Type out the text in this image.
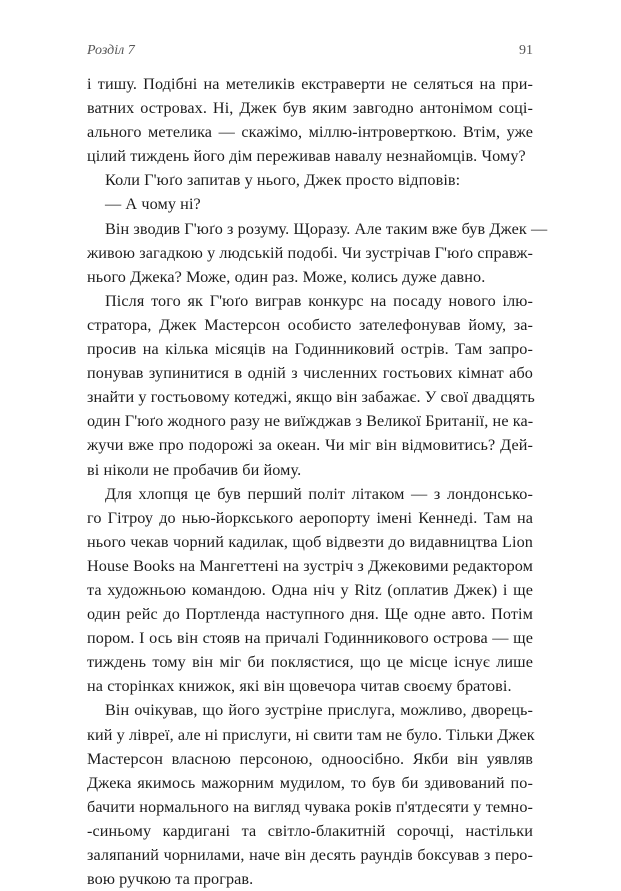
Розділ 7	91
і тишу. Подібні на метеликів екстраверти не селяться на при-
ватних островах. Ні, Джек був яким завгодно антонімом соці-
ального метелика — скажімо, міллю-інтроверткою. Втім, уже
цілий тиждень його дім переживав навалу незнайомців. Чому?
Коли Г'юґо запитав у нього, Джек просто відповів:
— А чому ні?
Він зводив Г'юґо з розуму. Щоразу. Але таким вже був Джек —
живою загадкою у людській подобі. Чи зустрічав Г'юґо справж-
нього Джека? Може, один раз. Може, колись дуже давно.
Після того як Г'юґо виграв конкурс на посаду нового ілю-
стратора, Джек Мастерсон особисто зателефонував йому, за-
просив на кілька місяців на Годинниковий острів. Там запро-
понував зупинитися в одній з численних гостьових кімнат або
знайти у гостьовому котеджі, якщо він забажає. У свої двадцять
один Г'юґо жодного разу не виїжджав з Великої Британії, не ка-
жучи вже про подорожі за океан. Чи міг він відмовитись? Дей-
ві ніколи не пробачив би йому.
Для хлопця це був перший політ літаком — з лондонсько-
го Гітроу до нью-йоркського аеропорту імені Кеннеді. Там на
нього чекав чорний кадилак, щоб відвезти до видавництва Lion
House Books на Мангеттені на зустріч з Джековими редактором
та художньою командою. Одна ніч у Ritz (оплатив Джек) і ще
один рейс до Портленда наступного дня. Ще одне авто. Потім
пором. І ось він стояв на причалі Годинникового острова — ще
тиждень тому він міг би поклястися, що це місце існує лише
на сторінках книжок, які він щовечора читав своєму братові.
Він очікував, що його зустріне прислуга, можливо, дворець-
кий у лівреї, але ні прислуги, ні свити там не було. Тільки Джек
Мастерсон власною персоною, одноосібно. Якби він уявляв
Джека якимось мажорним мудилом, то був би здивований по-
бачити нормального на вигляд чувака років п'ятдесяти у темно-
-синьому кардигані та світло-блакитній сорочці, настільки
заляпаний чорнилами, наче він десять раундів боксував з перо-
вою ручкою та програв.
